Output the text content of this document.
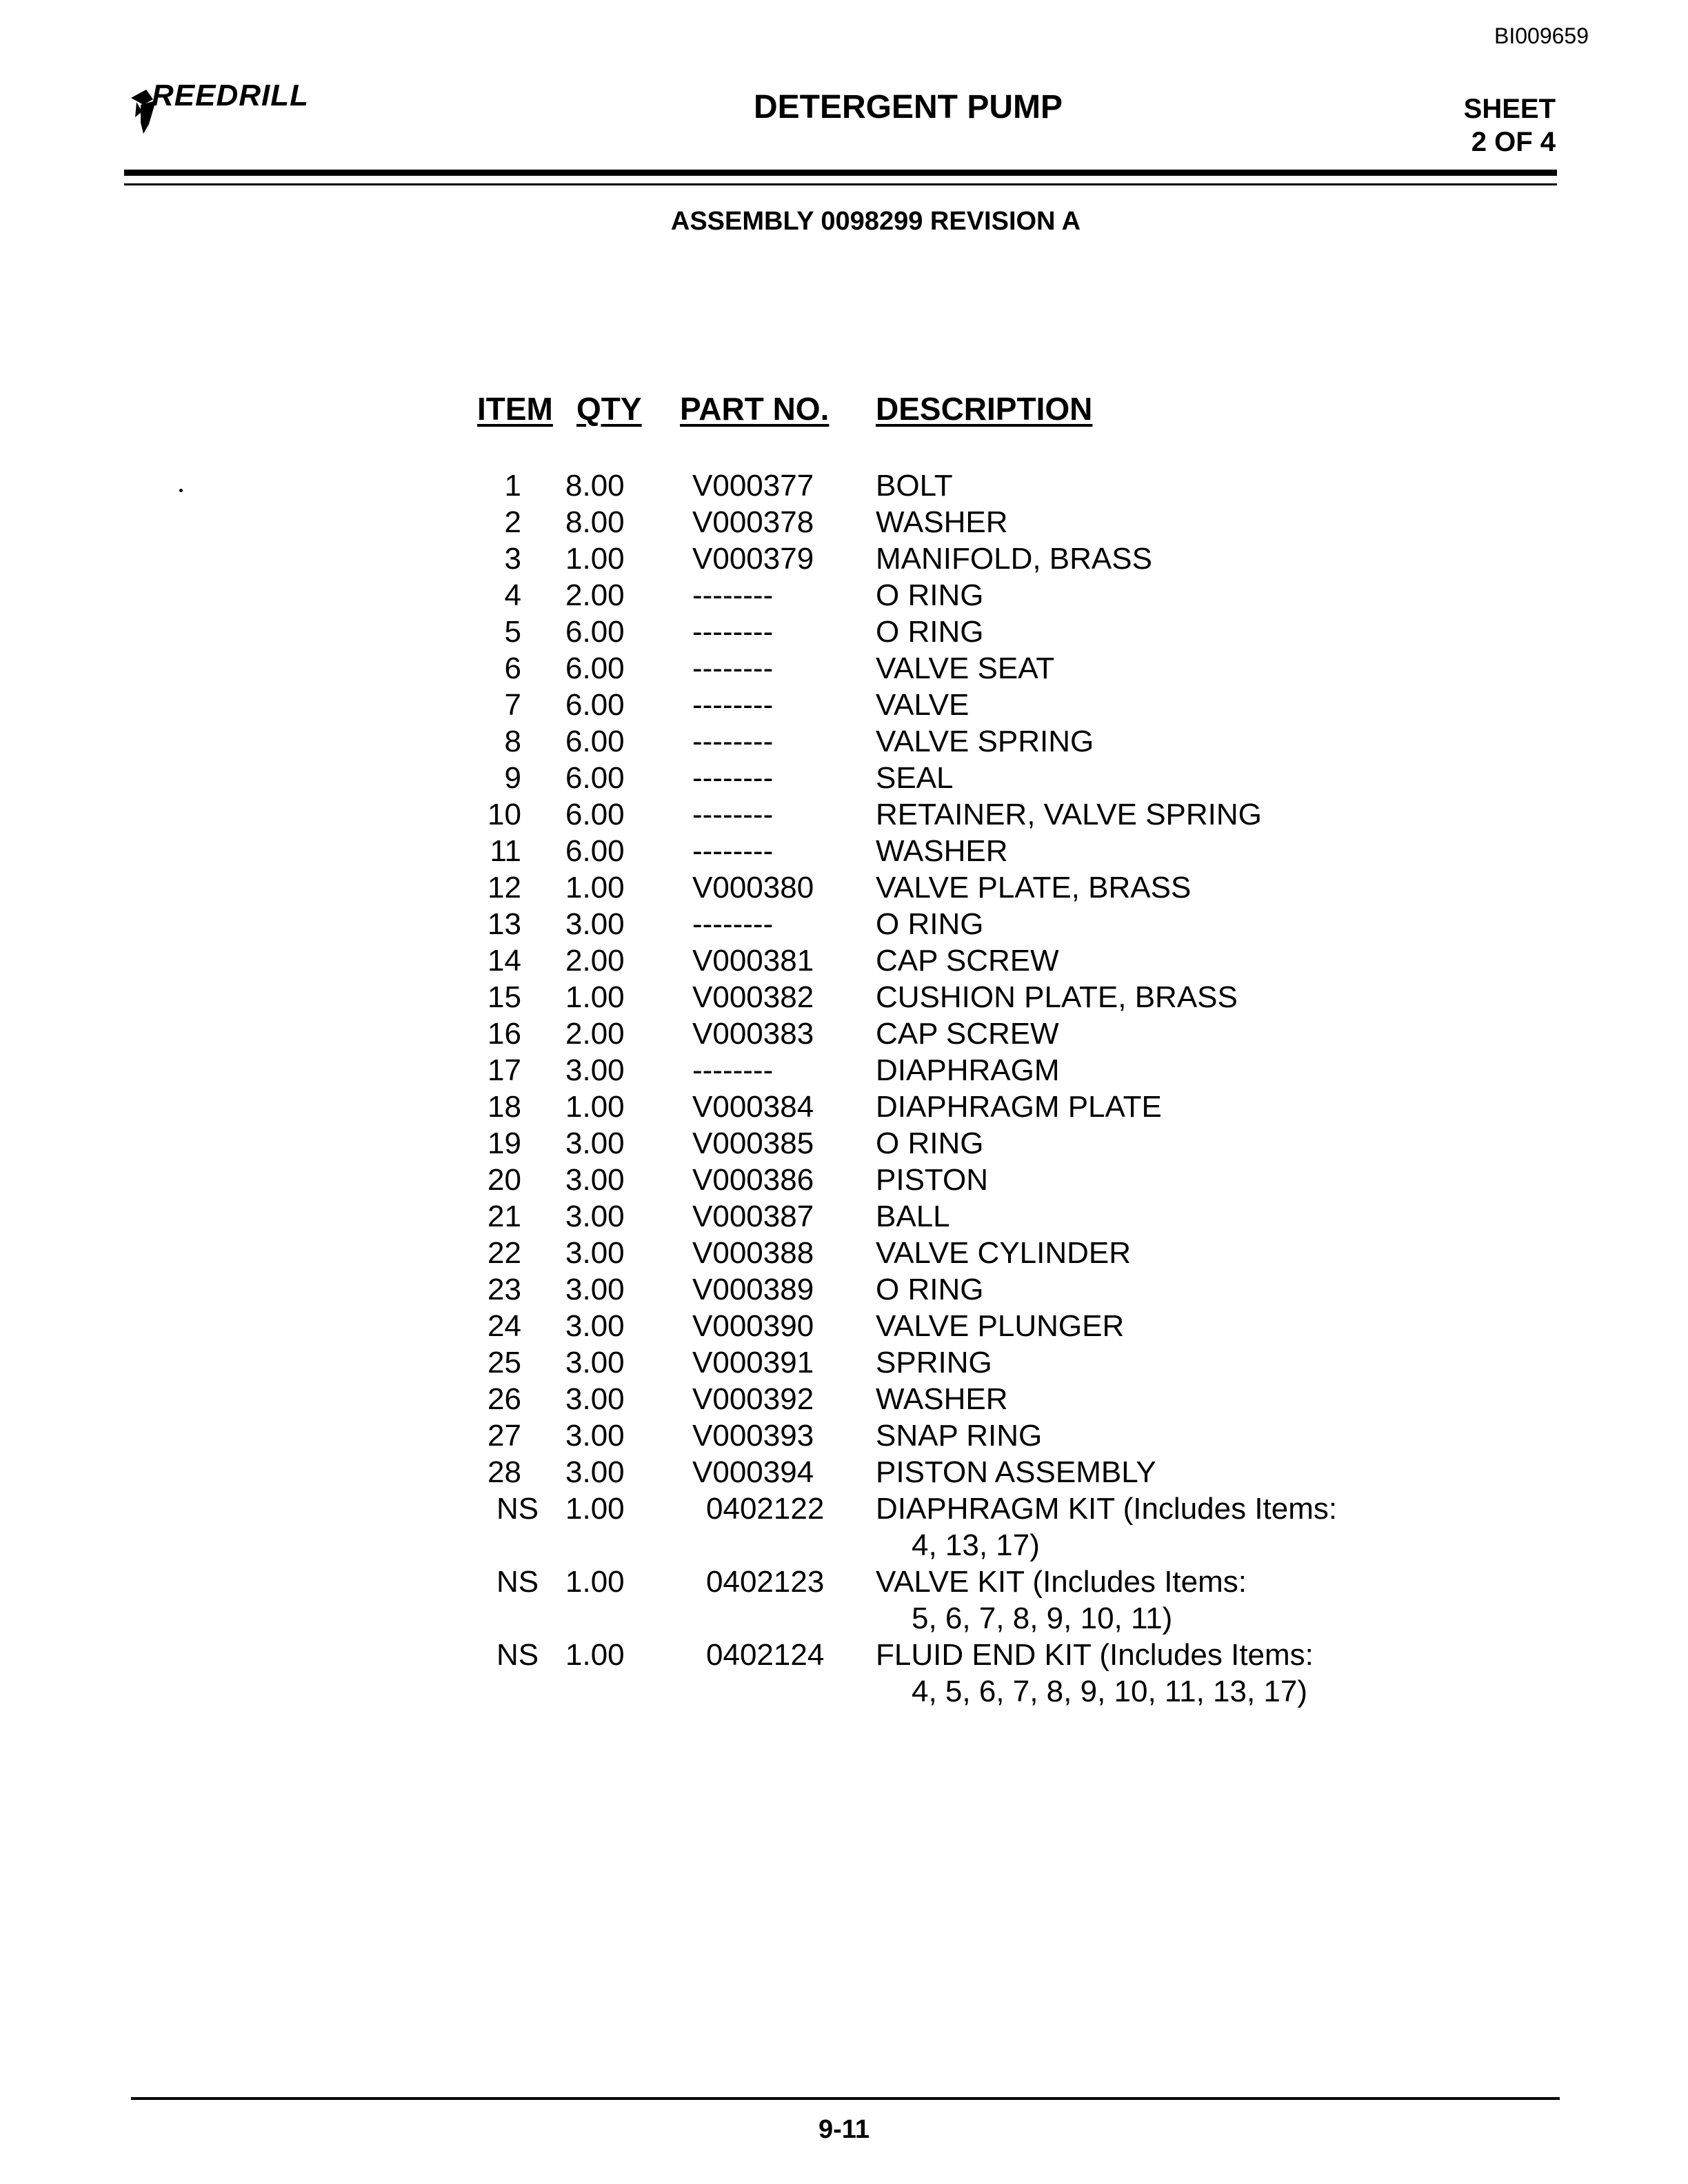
BI009659
REEDRILL	DETERGENT PUMP	SHEET
2 OF 4
ASSEMBLY 0098299 REVISION A
ITEM QTY PART NO. DESCRIPTION
1 8.00 V000377 BOLT
2 8.00 V000378 WASHER
3 1.00 V000379 MANIFOLD, BRASS
4 2.00 --------	O RING
5 6.00 --------	O RING
6 6.00 --------	VALVE SEAT
7 6.00 --------	VALVE
8 6.00 --------	VALVE SPRING
9 6.00 --------	SEAL
10 6.00 --------	RETAINER, VALVE SPRING
11 6.00 --------	WASHER
12 1.00 V000380 VALVE PLATE, BRASS
13 3.00 --------	O RING
14 2.00 V000381 CAP SCREW
15 1.00 V000382 CUSHION PLATE, BRASS
16 2.00 V000383 CAP SCREW
17 3.00 --------	DIAPHRAGM
18 1.00 V000384 DIAPHRAGM PLATE
19 3.00 V000385 O RING
20 3.00 V000386 PISTON
21 3.00 V000387 BALL
22 3.00 V000388 VALVE CYLINDER
23 3.00 V000389 O RING
24 3.00 V000390 VALVE PLUNGER
25 3.00 V000391 SPRING
26 3.00 V000392 WASHER
27 3.00 V000393 SNAP RING
28 3.00 V000394 PISTON ASSEMBLY
NS 1.00	0402122 DIAPHRAGM KIT (Includes Items:
4, 13, 17)
NS 1.00	0402123 VALVE KIT (Includes Items:
5, 6, 7, 8, 9, 10, 11)
NS 1.00	0402124 FLUID END KIT (Includes Items:
4, 5, 6, 7, 8, 9, 10, 11, 13, 17)
9-11
